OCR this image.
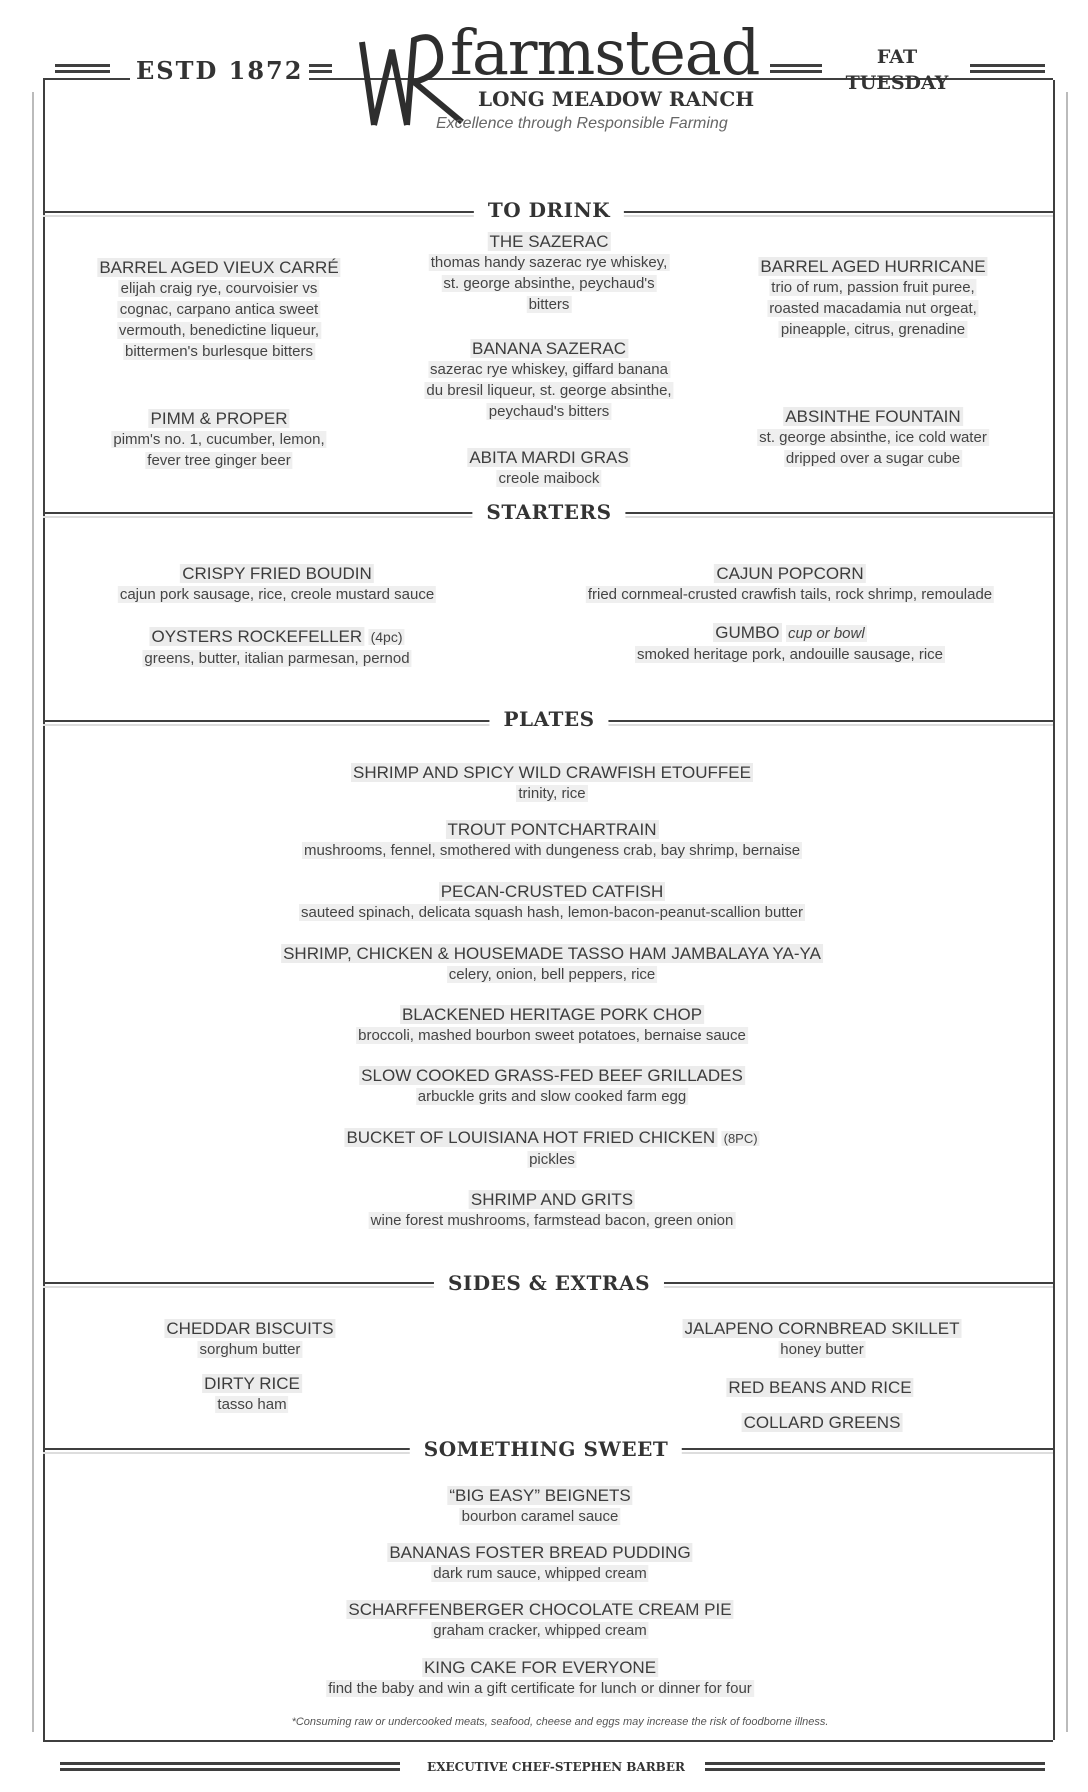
ESTD 1872 farmstead
LONG MEADOW RANCH
Excellence through Responsible Farming
FAT
TUESDAY
TO DRINK
STARTERS
PLATES
SIDES & EXTRAS
SOMETHING SWEET
BARREL AGED VIEUX CARRÉ
elijah craig rye, courvoisier vs
cognac, carpano antica sweet
vermouth, benedictine liqueur,
bittermen's burlesque bitters
THE SAZERAC
thomas handy sazerac rye whiskey,
st. george absinthe, peychaud's
bitters
BARREL AGED HURRICANE
trio of rum, passion fruit puree,
roasted macadamia nut orgeat,
pineapple, citrus, grenadine
BANANA SAZERAC
sazerac rye whiskey, giffard banana
du bresil liqueur, st. george absinthe,
peychaud's bitters
PIMM & PROPER
pimm's no. 1, cucumber, lemon,
fever tree ginger beer
ABSINTHE FOUNTAIN
st. george absinthe, ice cold water
dripped over a sugar cube
ABITA MARDI GRAS
creole maibock
CRISPY FRIED BOUDIN
cajun pork sausage, rice, creole mustard sauce
OYSTERS ROCKEFELLER (4pc)
greens, butter, italian parmesan, pernod
CAJUN POPCORN
fried cornmeal-crusted crawfish tails, rock shrimp, remoulade
GUMBO cup or bowl
smoked heritage pork, andouille sausage, rice
SHRIMP AND SPICY WILD CRAWFISH ETOUFFEE
trinity, rice
TROUT PONTCHARTRAIN
mushrooms, fennel, smothered with dungeness crab, bay shrimp, bernaise
PECAN-CRUSTED CATFISH
sauteed spinach, delicata squash hash, lemon-bacon-peanut-scallion butter
SHRIMP, CHICKEN & HOUSEMADE TASSO HAM JAMBALAYA YA-YA
celery, onion, bell peppers, rice
BLACKENED HERITAGE PORK CHOP
broccoli, mashed bourbon sweet potatoes, bernaise sauce
SLOW COOKED GRASS-FED BEEF GRILLADES
arbuckle grits and slow cooked farm egg
BUCKET OF LOUISIANA HOT FRIED CHICKEN (8PC)
pickles
SHRIMP AND GRITS
wine forest mushrooms, farmstead bacon, green onion
CHEDDAR BISCUITS
sorghum butter
DIRTY RICE
tasso ham
JALAPENO CORNBREAD SKILLET
honey butter
RED BEANS AND RICE
COLLARD GREENS
“BIG EASY” BEIGNETS
bourbon caramel sauce
BANANAS FOSTER BREAD PUDDING
dark rum sauce, whipped cream
SCHARFFENBERGER CHOCOLATE CREAM PIE
graham cracker, whipped cream
KING CAKE FOR EVERYONE
find the baby and win a gift certificate for lunch or dinner for four
*Consuming raw or undercooked meats, seafood, cheese and eggs may increase the risk of foodborne illness.
EXECUTIVE CHEF-STEPHEN BARBER
